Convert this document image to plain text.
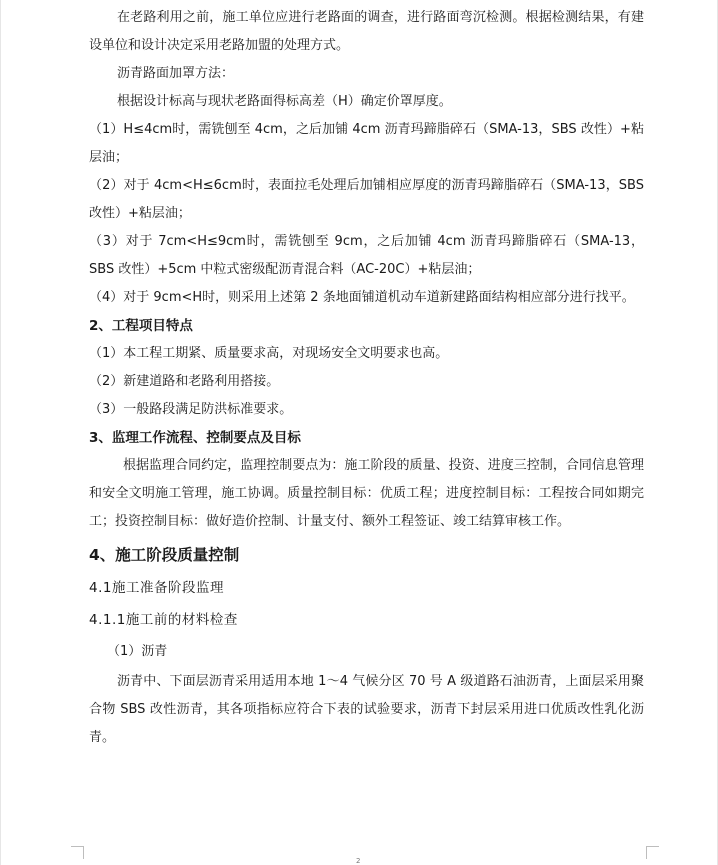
在老路利用之前，施工单位应进行老路面的调查，进行路面弯沉检测。根据检测结果，有建设单位和设计决定采用老路加盟的处理方式。

沥青路面加罩方法：

根据设计标高与现状老路面得标高差（H）确定价罩厚度。

（1）H≤4cm时，需铣刨至 4cm，之后加铺 4cm 沥青玛蹄脂碎石（SMA-13，SBS 改性）+粘层油；

（2）对于 4cm<H≤6cm时，表面拉毛处理后加铺相应厚度的沥青玛蹄脂碎石（SMA-13，SBS 改性）+粘层油；

（3）对于 7cm<H≤9cm时，需铣刨至 9cm，之后加铺 4cm 沥青玛蹄脂碎石（SMA-13，SBS 改性）+5cm 中粒式密级配沥青混合料（AC-20C）+粘层油；

（4）对于 9cm<H时，则采用上述第 2 条地面铺道机动车道新建路面结构相应部分进行找平。

2、工程项目特点

（1）本工程工期紧、质量要求高，对现场安全文明要求也高。

（2）新建道路和老路利用搭接。

（3）一般路段满足防洪标准要求。

3、监理工作流程、控制要点及目标

根据监理合同约定，监理控制要点为：施工阶段的质量、投资、进度三控制，合同信息管理和安全文明施工管理，施工协调。质量控制目标：优质工程；进度控制目标：工程按合同如期完工；投资控制目标：做好造价控制、计量支付、额外工程签证、竣工结算审核工作。

4、施工阶段质量控制

4.1施工准备阶段监理

4.1.1施工前的材料检查

（1）沥青

沥青中、下面层沥青采用适用本地 1～4 气候分区 70 号 A 级道路石油沥青，上面层采用聚合物 SBS 改性沥青，其各项指标应符合下表的试验要求，沥青下封层采用进口优质改性乳化沥青。

2
